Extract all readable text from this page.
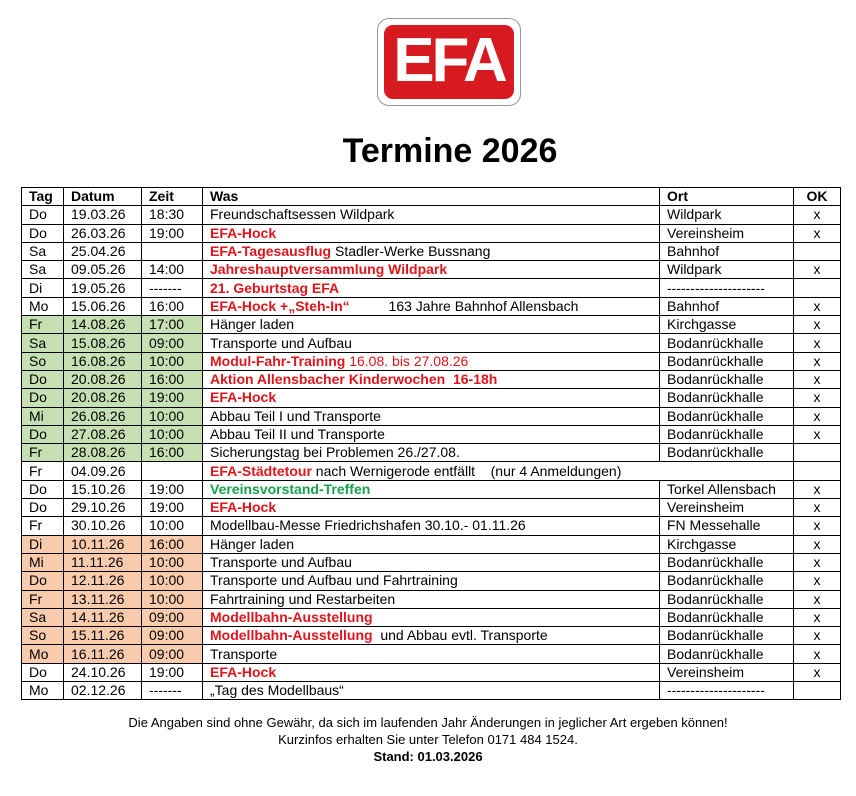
EFA
Termine 2026
Tag	Datum	Zeit	Was	Ort	OK
Do	19.03.26	18:30	Freundschaftsessen Wildpark	Wildpark	x
Do	26.03.26	19:00	EFA-Hock	Vereinsheim	x
Sa	25.04.26		EFA-Tagesausflug Stadler-Werke Bussnang	Bahnhof	
Sa	09.05.26	14:00	Jahreshauptversammlung Wildpark	Wildpark	x
Di	19.05.26	-------	21. Geburtstag EFA	---------------------	
Mo	15.06.26	16:00	EFA-Hock +„Steh-In“          163 Jahre Bahnhof Allensbach	Bahnhof	x
Fr	14.08.26	17:00	Hänger laden	Kirchgasse	x
Sa	15.08.26	09:00	Transporte und Aufbau	Bodanrückhalle	x
So	16.08.26	10:00	Modul-Fahr-Training 16.08. bis 27.08.26	Bodanrückhalle	x
Do	20.08.26	16:00	Aktion Allensbacher Kinderwochen  16-18h	Bodanrückhalle	x
Do	20.08.26	19:00	EFA-Hock	Bodanrückhalle	x
Mi	26.08.26	10:00	Abbau Teil I und Transporte	Bodanrückhalle	x
Do	27.08.26	10:00	Abbau Teil II und Transporte	Bodanrückhalle	x
Fr	28.08.26	16:00	Sicherungstag bei Problemen 26./27.08.	Bodanrückhalle	
Fr	04.09.26		EFA-Städtetour nach Wernigerode entfällt    (nur 4 Anmeldungen)		
Do	15.10.26	19:00	Vereinsvorstand-Treffen	Torkel Allensbach	x
Do	29.10.26	19:00	EFA-Hock	Vereinsheim	x
Fr	30.10.26	10:00	Modellbau-Messe Friedrichshafen 30.10.- 01.11.26	FN Messehalle	x
Di	10.11.26	16:00	Hänger laden	Kirchgasse	x
Mi	11.11.26	10:00	Transporte und Aufbau	Bodanrückhalle	x
Do	12.11.26	10:00	Transporte und Aufbau und Fahrtraining	Bodanrückhalle	x
Fr	13.11.26	10:00	Fahrtraining und Restarbeiten	Bodanrückhalle	x
Sa	14.11.26	09:00	Modellbahn-Ausstellung	Bodanrückhalle	x
So	15.11.26	09:00	Modellbahn-Ausstellung  und Abbau evtl. Transporte	Bodanrückhalle	x
Mo	16.11.26	09:00	Transporte	Bodanrückhalle	x
Do	24.10.26	19:00	EFA-Hock	Vereinsheim	x
Mo	02.12.26	-------	„Tag des Modellbaus“	---------------------	
Die Angaben sind ohne Gewähr, da sich im laufenden Jahr Änderungen in jeglicher Art ergeben können!
Kurzinfos erhalten Sie unter Telefon 0171 484 1524.
Stand: 01.03.2026
